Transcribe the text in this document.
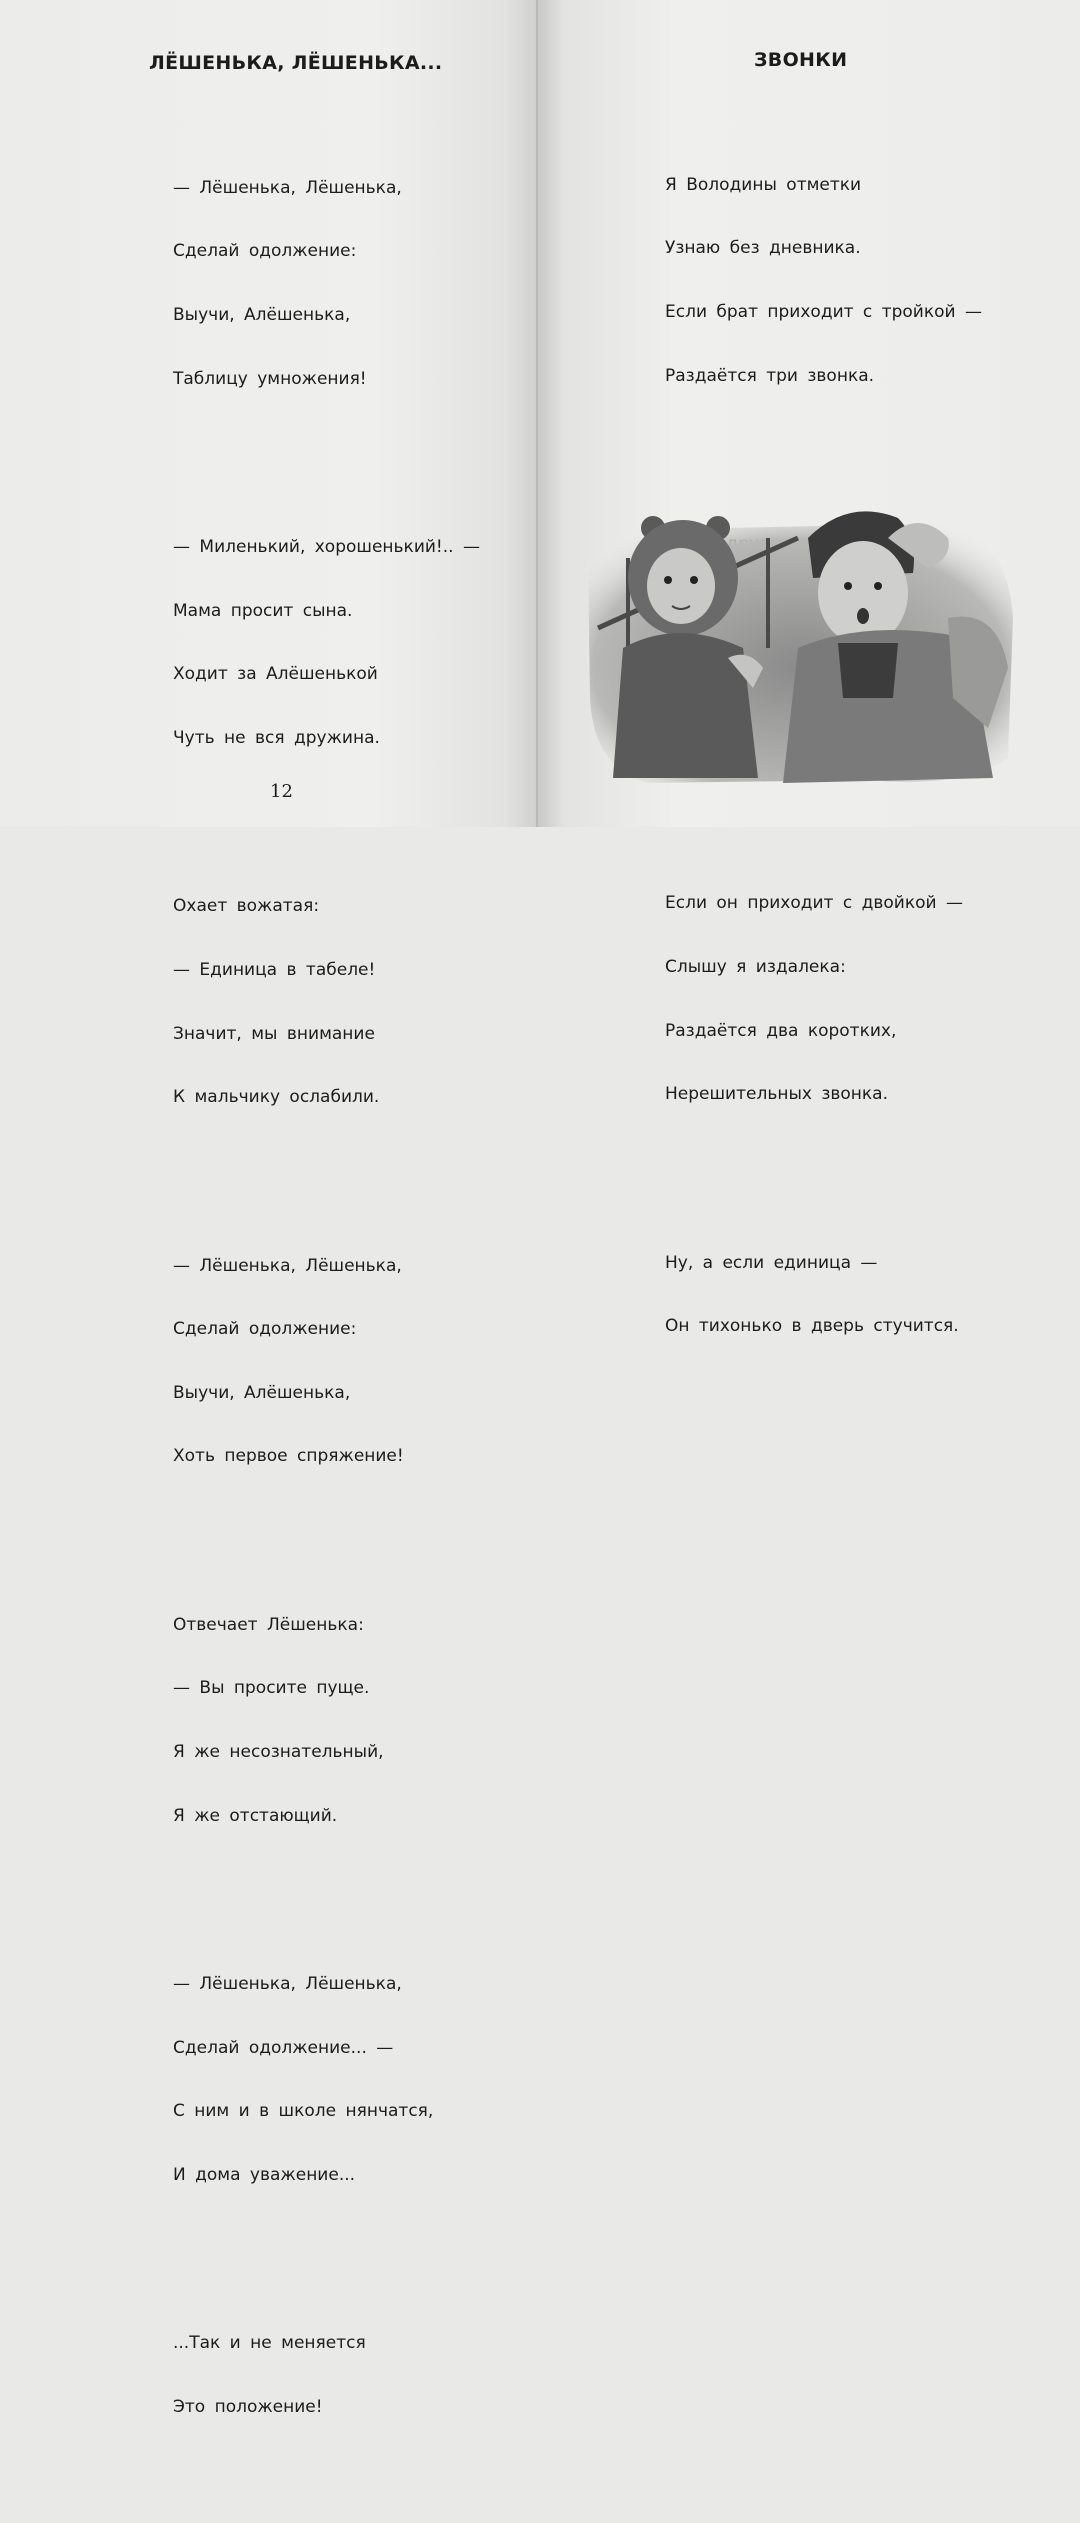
ЛЁШЕНЬКА, ЛЁШЕНЬКА...

— Лёшенька, Лёшенька,

Сделай одолжение:

Выучи, Алёшенька,

Таблицу умножения!

— Миленький, хорошенький!.. —

Мама просит сына.

Ходит за Алёшенькой

Чуть не вся дружина.

Охает вожатая:

— Единица в табеле!

Значит, мы внимание

К мальчику ослабили.

— Лёшенька, Лёшенька,

Сделай одолжение:

Выучи, Алёшенька,

Хоть первое спряжение!

Отвечает Лёшенька:

— Вы просите пуще.

Я же несознательный,

Я же отстающий.

— Лёшенька, Лёшенька,

Сделай одолжение... —

С ним и в школе нянчатся,

И дома уважение...

...Так и не меняется

Это положение!

12
ЗВОНКИ

Я Володины отметки

Узнаю без дневника.

Если брат приходит с тройкой —

Раздаётся три звонка.

Если он приходит с двойкой —

Слышу я издалека:

Раздаётся два коротких,

Нерешительных звонка.

Ну, а если единица —

Он тихонько в дверь стучится.
